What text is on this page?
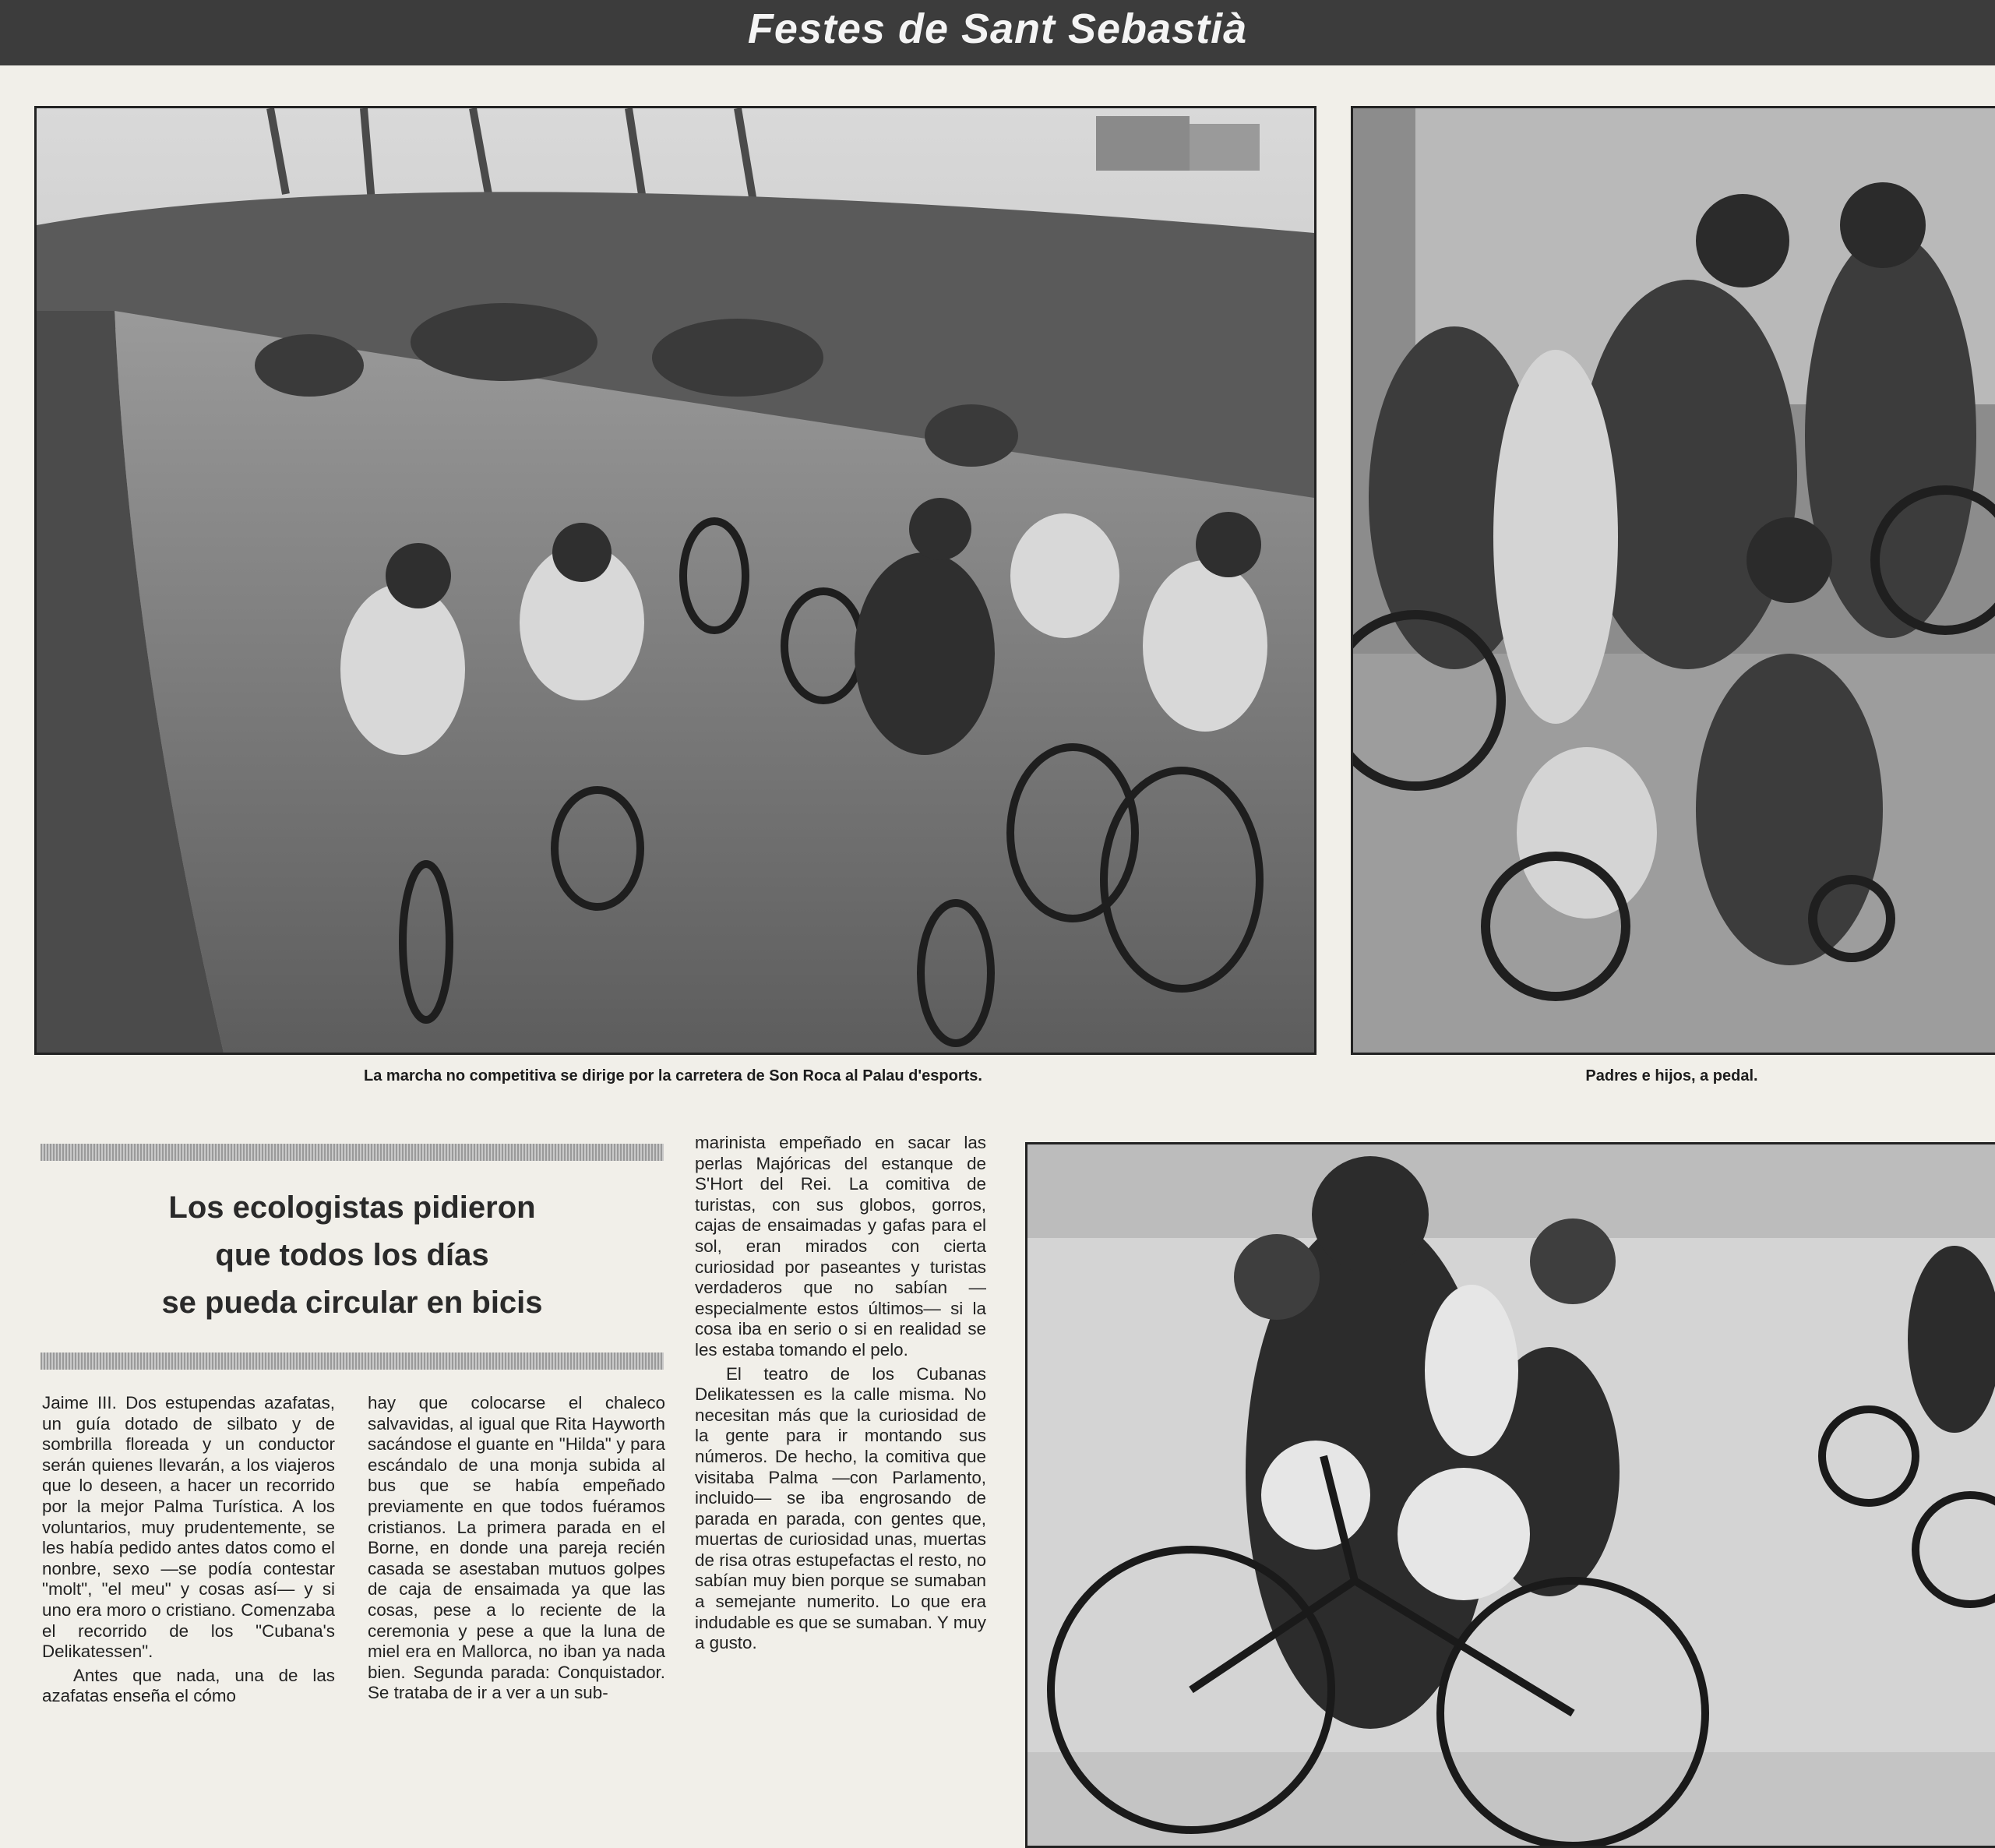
Festes de Sant Sebastià
La marcha no competitiva se dirige por la carretera de Son Roca al Palau d'esports.	Padres e hijos, a pedal.
Los ecologistas pidieron
que todos los días
se pueda circular en bicis

Jaime III. Dos estupendas azafatas, un guía dotado de silbato y de sombrilla floreada y un conductor serán quienes llevarán, a los viajeros que lo deseen, a hacer un recorrido por la mejor Palma Turística. A los voluntarios, muy prudentemente, se les había pedido antes datos como el nonbre, sexo —se podía contestar "molt", "el meu" y cosas así— y si uno era moro o cristiano. Comenzaba el recorrido de los "Cubana's Delikatessen".

Antes que nada, una de las azafatas enseña el cómo

hay que colocarse el chaleco salvavidas, al igual que Rita Hayworth sacándose el guante en "Hilda" y para escándalo de una monja subida al bus que se había empeñado previamente en que todos fuéramos cristianos. La primera parada en el Borne, en donde una pareja recién casada se asestaban mutuos golpes de caja de ensaimada ya que las cosas, pese a lo reciente de la ceremonia y pese a que la luna de miel era en Mallorca, no iban ya nada bien. Segunda parada: Conquistador. Se trataba de ir a ver a un sub-

marinista empeñado en sacar las perlas Majóricas del estanque de S'Hort del Rei. La comitiva de turistas, con sus globos, gorros, cajas de ensaimadas y gafas para el sol, eran mirados con cierta curiosidad por paseantes y turistas verdaderos que no sabían —especialmente estos últimos— si la cosa iba en serio o si en realidad se les estaba tomando el pelo.

El teatro de los Cubanas Delikatessen es la calle misma. No necesitan más que la curiosidad de la gente para ir montando sus números. De hecho, la comitiva que visitaba Palma —con Parlamento, incluido— se iba engrosando de parada en parada, con gentes que, muertas de curiosidad unas, muertas de risa otras estupefactas el resto, no sabían muy bien porque se sumaban a semejante numerito. Lo que era indudable es que se sumaban. Y muy a gusto.
